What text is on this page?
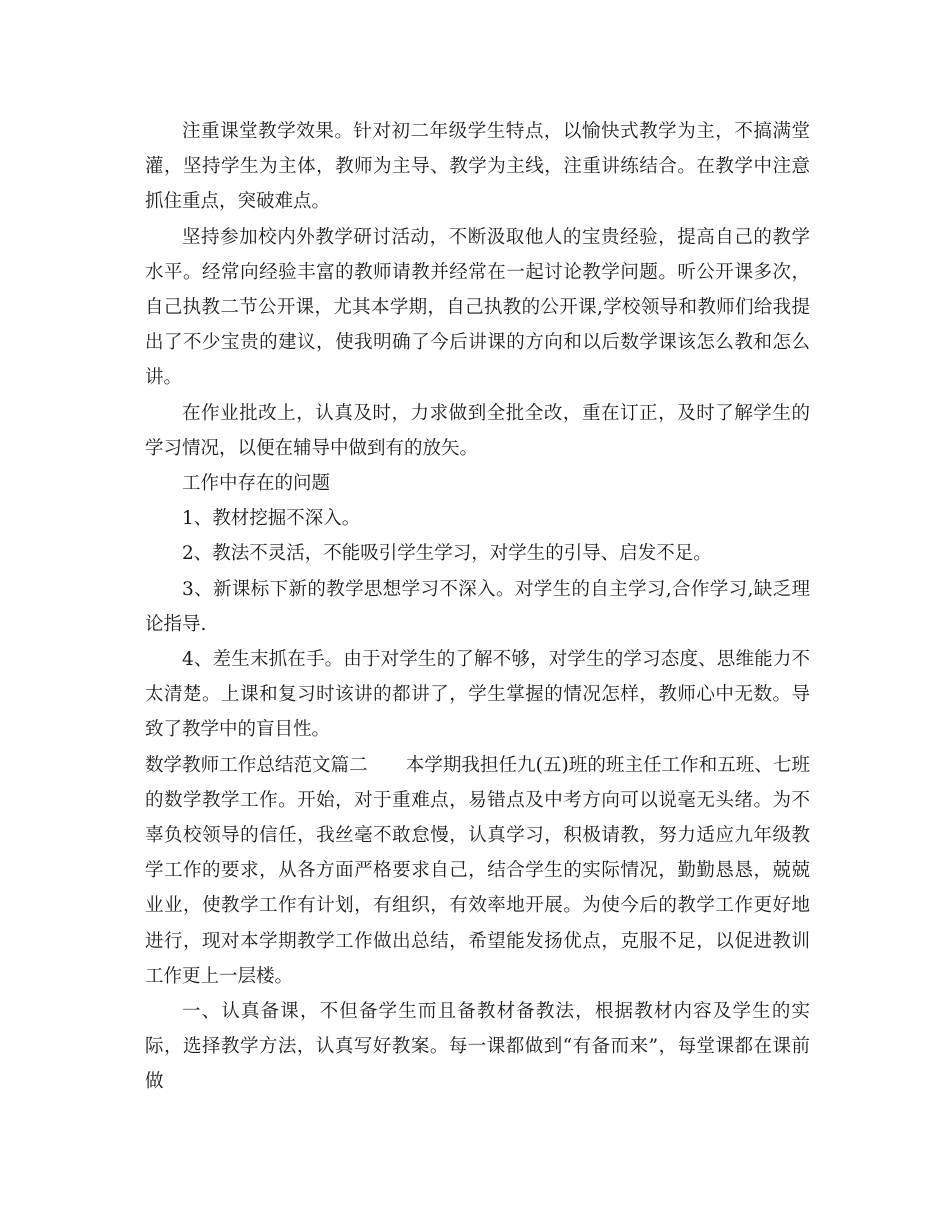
注重课堂教学效果。针对初二年级学生特点，以愉快式教学为主，不搞满堂灌，坚持学生为主体，教师为主导、教学为主线，注重讲练结合。在教学中注意抓住重点，突破难点。

坚持参加校内外教学研讨活动，不断汲取他人的宝贵经验，提高自己的教学水平。经常向经验丰富的教师请教并经常在一起讨论教学问题。听公开课多次，自己执教二节公开课，尤其本学期，自己执教的公开课,学校领导和教师们给我提出了不少宝贵的建议，使我明确了今后讲课的方向和以后数学课该怎么教和怎么讲。

在作业批改上，认真及时，力求做到全批全改，重在订正，及时了解学生的学习情况，以便在辅导中做到有的放矢。

工作中存在的问题

1、教材挖掘不深入。

2、教法不灵活，不能吸引学生学习，对学生的引导、启发不足。

3、新课标下新的教学思想学习不深入。对学生的自主学习,合作学习,缺乏理论指导.

4、差生末抓在手。由于对学生的了解不够，对学生的学习态度、思维能力不太清楚。上课和复习时该讲的都讲了，学生掌握的情况怎样，教师心中无数。导致了教学中的盲目性。

数学教师工作总结范文篇二 本学期我担任九(五)班的班主任工作和五班、七班的数学教学工作。开始，对于重难点，易错点及中考方向可以说毫无头绪。为不辜负校领导的信任，我丝毫不敢怠慢，认真学习，积极请教，努力适应九年级教学工作的要求，从各方面严格要求自己，结合学生的实际情况，勤勤恳恳，兢兢业业，使教学工作有计划，有组织，有效率地开展。为使今后的教学工作更好地进行，现对本学期教学工作做出总结，希望能发扬优点，克服不足，以促进教训工作更上一层楼。

一、认真备课，不但备学生而且备教材备教法，根据教材内容及学生的实际，选择教学方法，认真写好教案。每一课都做到“有备而来”，每堂课都在课前做
